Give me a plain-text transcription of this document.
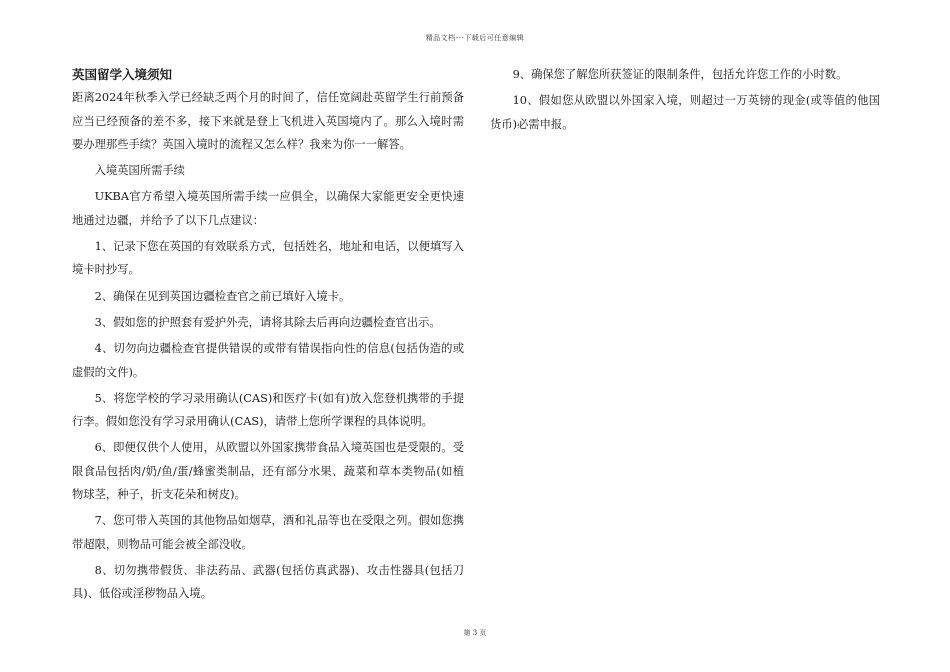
精品文档---下载后可任意编辑

英国留学入境须知

距离2024年秋季入学已经缺乏两个月的时间了，信任宽阔赴英留学生行前预备应当已经预备的差不多，接下来就是登上飞机进入英国境内了。那么入境时需要办理那些手续？英国入境时的流程又怎么样？我来为你一一解答。

入境英国所需手续

UKBA官方希望入境英国所需手续一应俱全，以确保大家能更安全更快速地通过边疆，并给予了以下几点建议：

1、记录下您在英国的有效联系方式，包括姓名，地址和电话，以便填写入境卡时抄写。

2、确保在见到英国边疆检查官之前已填好入境卡。

3、假如您的护照套有爱护外壳，请将其除去后再向边疆检查官出示。

4、切勿向边疆检查官提供错误的或带有错误指向性的信息(包括伪造的或虚假的文件)。

5、将您学校的学习录用确认(CAS)和医疗卡(如有)放入您登机携带的手提行李。假如您没有学习录用确认(CAS)，请带上您所学课程的具体说明。

6、即便仅供个人使用，从欧盟以外国家携带食品入境英国也是受限的。受限食品包括肉/奶/鱼/蛋/蜂蜜类制品，还有部分水果、蔬菜和草本类物品(如植物球茎，种子，折支花朵和树皮)。

7、您可带入英国的其他物品如烟草，酒和礼品等也在受限之列。假如您携带超限，则物品可能会被全部没收。

8、切勿携带假货、非法药品、武器(包括仿真武器)、攻击性器具(包括刀具)、低俗或淫秽物品入境。

9、确保您了解您所获签证的限制条件，包括允许您工作的小时数。

10、假如您从欧盟以外国家入境，则超过一万英镑的现金(或等值的他国货币)必需申报。

第 3 页
